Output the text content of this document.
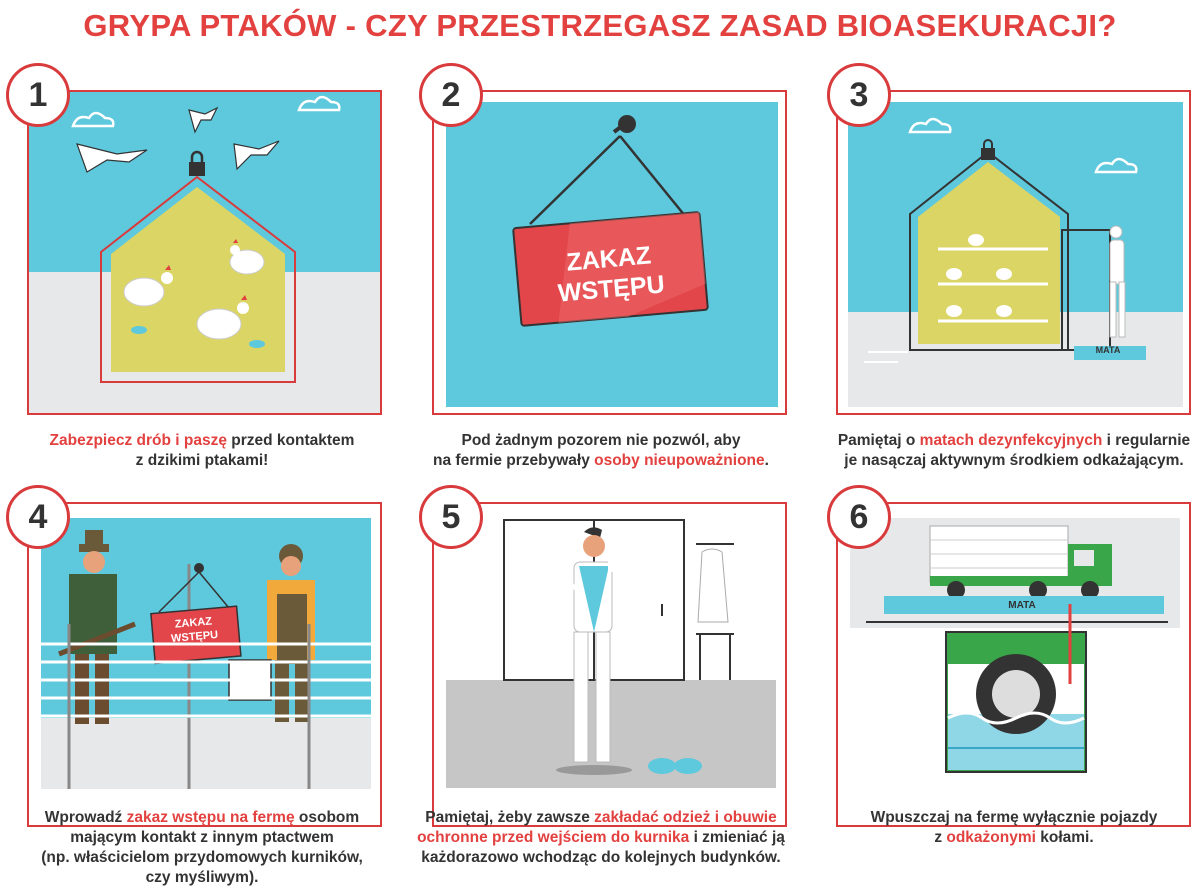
GRYPA PTAKÓW - CZY PRZESTRZEGASZ ZASAD BIOASEKURACJI?
1
Zabezpiecz drób i paszę przed kontaktem
z dzikimi ptakami!
ZAKAZ
WSTĘPU
2
Pod żadnym pozorem nie pozwól, aby
na fermie przebywały osoby nieupoważnione.
MATA
3
Pamiętaj o matach dezynfekcyjnych i regularnie
je nasączaj aktywnym środkiem odkażającym.
ZAKAZ
WSTĘPU
4
Wprowadź zakaz wstępu na fermę osobom
mającym kontakt z innym ptactwem
(np. właścicielom przydomowych kurników,
czy myśliwym).
5
Pamiętaj, żeby zawsze zakładać odzież i obuwie
ochronne przed wejściem do kurnika i zmieniać ją
każdorazowo wchodząc do kolejnych budynków.
MATA
6
Wpuszczaj na fermę wyłącznie pojazdy
z odkażonymi kołami.
